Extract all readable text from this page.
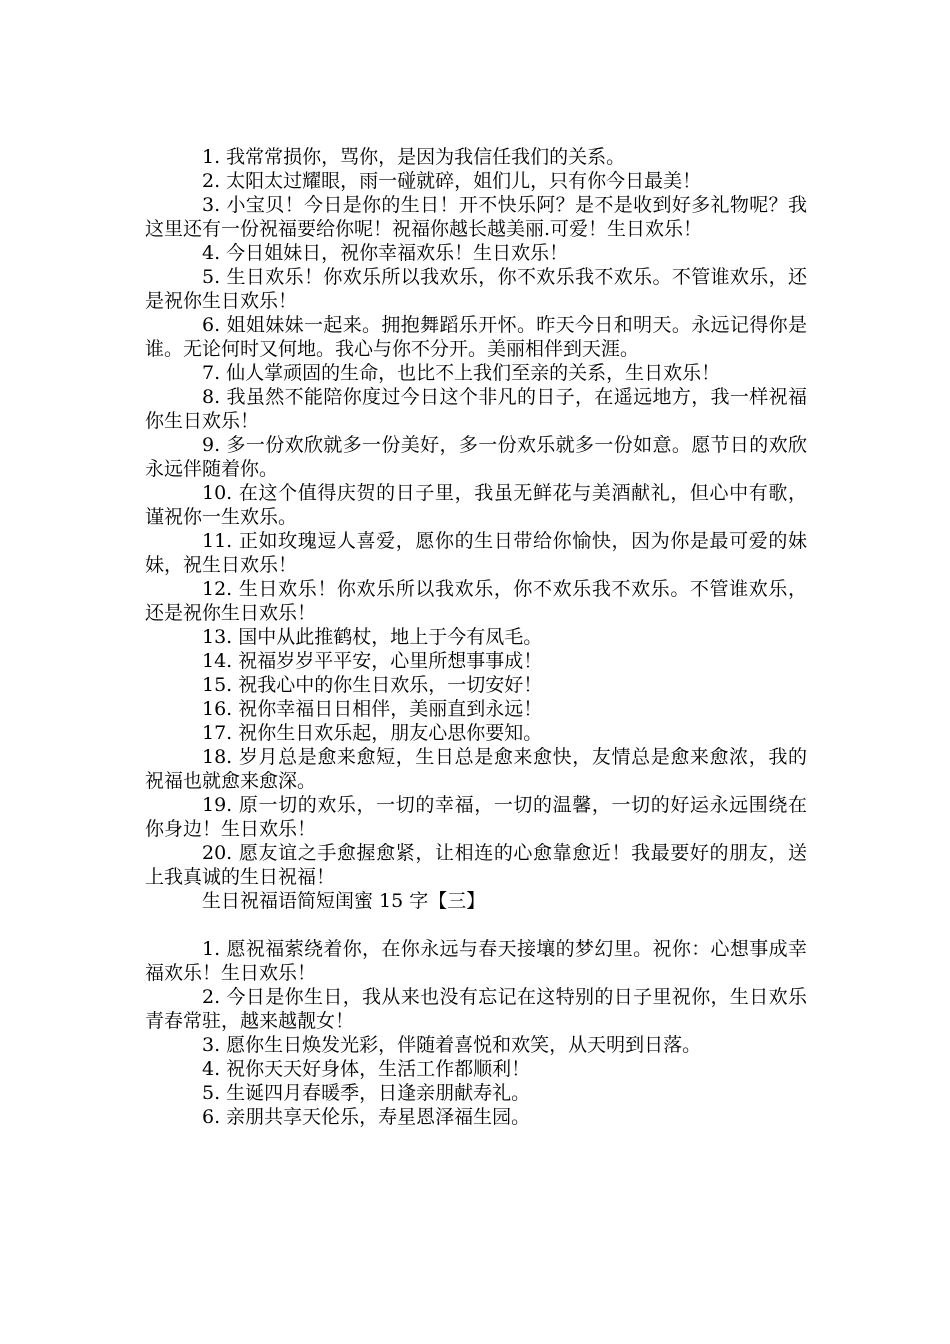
1. 我常常损你，骂你，是因为我信任我们的关系。

2. 太阳太过耀眼，雨一碰就碎，姐们儿，只有你今日最美！

3. 小宝贝！今日是你的生日！开不快乐阿？是不是收到好多礼物呢？我这里还有一份祝福要给你呢！祝福你越长越美丽.可爱！生日欢乐！

4. 今日姐妹日，祝你幸福欢乐！生日欢乐！

5. 生日欢乐！你欢乐所以我欢乐，你不欢乐我不欢乐。不管谁欢乐，还是祝你生日欢乐！

6. 姐姐妹妹一起来。拥抱舞蹈乐开怀。昨天今日和明天。永远记得你是谁。无论何时又何地。我心与你不分开。美丽相伴到天涯。

7. 仙人掌顽固的生命，也比不上我们至亲的关系，生日欢乐！

8. 我虽然不能陪你度过今日这个非凡的日子，在遥远地方，我一样祝福你生日欢乐！

9. 多一份欢欣就多一份美好，多一份欢乐就多一份如意。愿节日的欢欣永远伴随着你。

10. 在这个值得庆贺的日子里，我虽无鲜花与美酒献礼，但心中有歌，谨祝你一生欢乐。

11. 正如玫瑰逗人喜爱，愿你的生日带给你愉快，因为你是最可爱的妹妹，祝生日欢乐！

12. 生日欢乐！你欢乐所以我欢乐，你不欢乐我不欢乐。不管谁欢乐，还是祝你生日欢乐！

13. 国中从此推鹤杖，地上于今有凤毛。

14. 祝福岁岁平平安，心里所想事事成！

15. 祝我心中的你生日欢乐，一切安好！

16. 祝你幸福日日相伴，美丽直到永远！

17. 祝你生日欢乐起，朋友心思你要知。

18. 岁月总是愈来愈短，生日总是愈来愈快，友情总是愈来愈浓，我的祝福也就愈来愈深。

19. 原一切的欢乐，一切的幸福，一切的温馨，一切的好运永远围绕在你身边！生日欢乐！

20. 愿友谊之手愈握愈紧，让相连的心愈靠愈近！我最要好的朋友，送上我真诚的生日祝福！

生日祝福语简短闺蜜 15 字【三】

1. 愿祝福萦绕着你，在你永远与春天接壤的梦幻里。祝你：心想事成幸福欢乐！生日欢乐！

2. 今日是你生日，我从来也没有忘记在这特别的日子里祝你，生日欢乐青春常驻，越来越靓女！

3. 愿你生日焕发光彩，伴随着喜悦和欢笑，从天明到日落。

4. 祝你天天好身体，生活工作都顺利！

5. 生诞四月春暖季，日逢亲朋献寿礼。

6. 亲朋共享天伦乐，寿星恩泽福生园。
